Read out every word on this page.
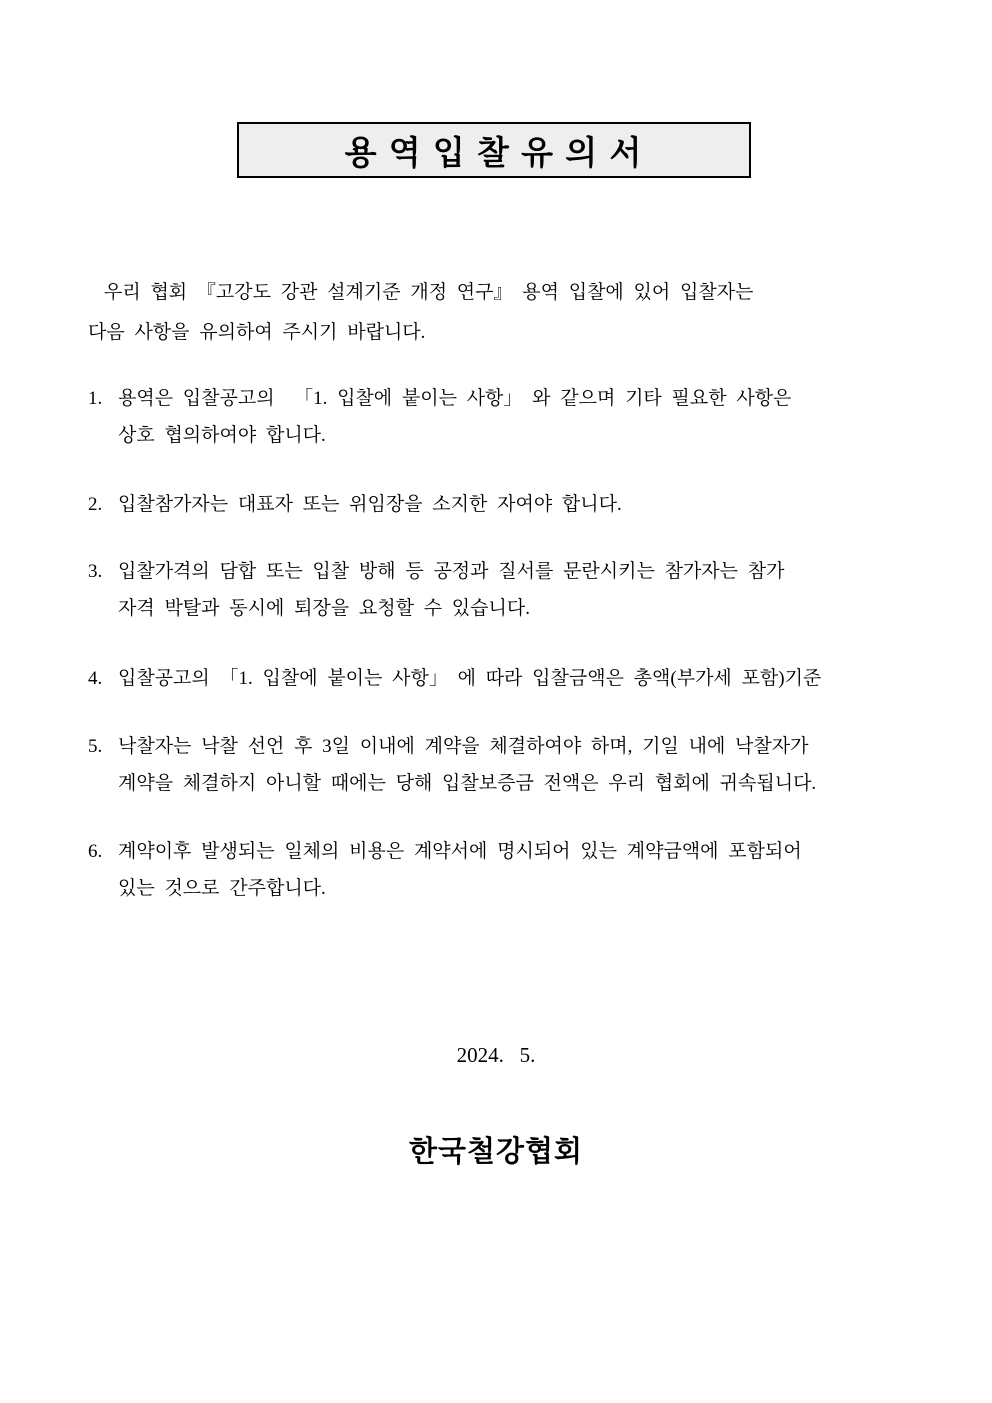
용 역 입 찰 유 의 서
우리 협회 『고강도 강관 설계기준 개정 연구』 용역 입찰에 있어 입찰자는
다음 사항을 유의하여 주시기 바랍니다.
1. 용역은 입찰공고의  「1. 입찰에 붙이는 사항」 와 같으며 기타 필요한 사항은
상호 협의하여야 합니다.
2. 입찰참가자는 대표자 또는 위임장을 소지한 자여야 합니다.
3. 입찰가격의 담합 또는 입찰 방해 등 공정과 질서를 문란시키는 참가자는 참가
자격 박탈과 동시에 퇴장을 요청할 수 있습니다.
4. 입찰공고의 「1. 입찰에 붙이는 사항」 에 따라 입찰금액은 총액(부가세 포함)기준
5. 낙찰자는 낙찰 선언 후 3일 이내에 계약을 체결하여야 하며, 기일 내에 낙찰자가
계약을 체결하지 아니할 때에는 당해 입찰보증금 전액은 우리 협회에 귀속됩니다.
6. 계약이후 발생되는 일체의 비용은 계약서에 명시되어 있는 계약금액에 포함되어
있는 것으로 간주합니다.
2024.   5.
한국철강협회
